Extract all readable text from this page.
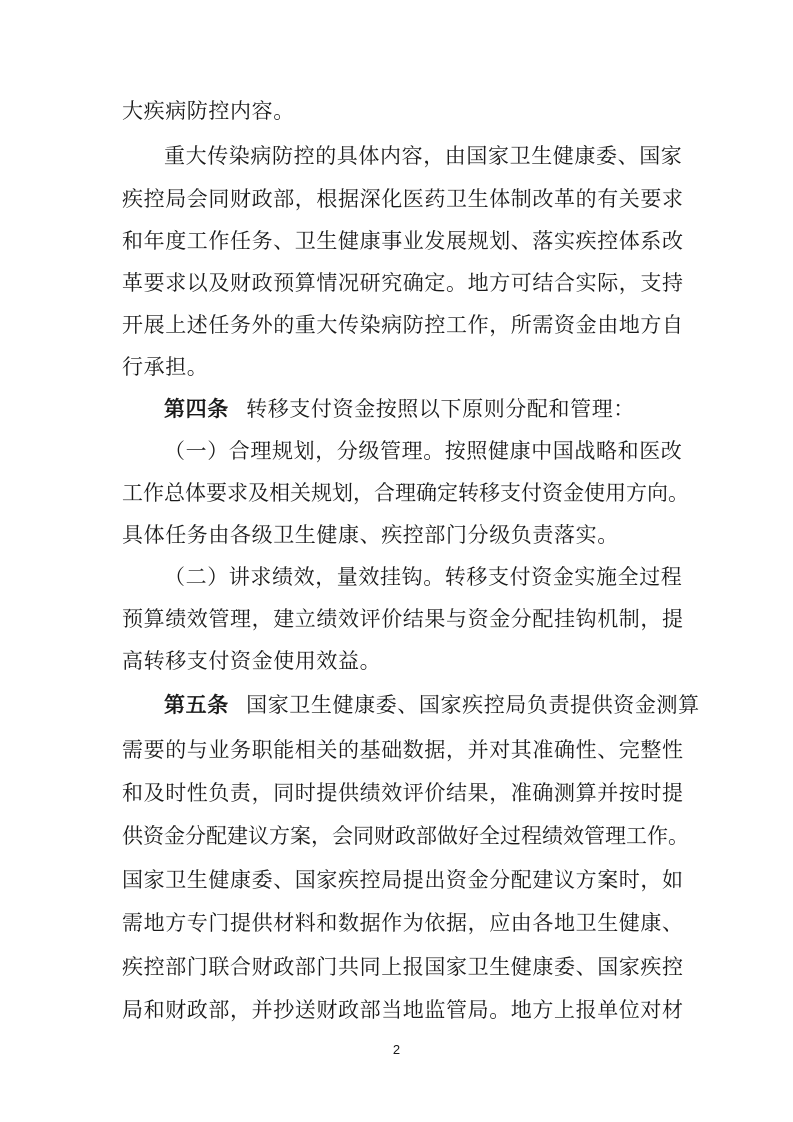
大疾病防控内容。
重大传染病防控的具体内容，由国家卫生健康委、国家
疾控局会同财政部，根据深化医药卫生体制改革的有关要求
和年度工作任务、卫生健康事业发展规划、落实疾控体系改
革要求以及财政预算情况研究确定。地方可结合实际，支持
开展上述任务外的重大传染病防控工作，所需资金由地方自
行承担。
第四条 转移支付资金按照以下原则分配和管理：
（一）合理规划，分级管理。按照健康中国战略和医改
工作总体要求及相关规划，合理确定转移支付资金使用方向。
具体任务由各级卫生健康、疾控部门分级负责落实。
（二）讲求绩效，量效挂钩。转移支付资金实施全过程
预算绩效管理，建立绩效评价结果与资金分配挂钩机制，提
高转移支付资金使用效益。
第五条 国家卫生健康委、国家疾控局负责提供资金测算
需要的与业务职能相关的基础数据，并对其准确性、完整性
和及时性负责，同时提供绩效评价结果，准确测算并按时提
供资金分配建议方案，会同财政部做好全过程绩效管理工作。
国家卫生健康委、国家疾控局提出资金分配建议方案时，如
需地方专门提供材料和数据作为依据，应由各地卫生健康、
疾控部门联合财政部门共同上报国家卫生健康委、国家疾控
局和财政部，并抄送财政部当地监管局。地方上报单位对材
2
